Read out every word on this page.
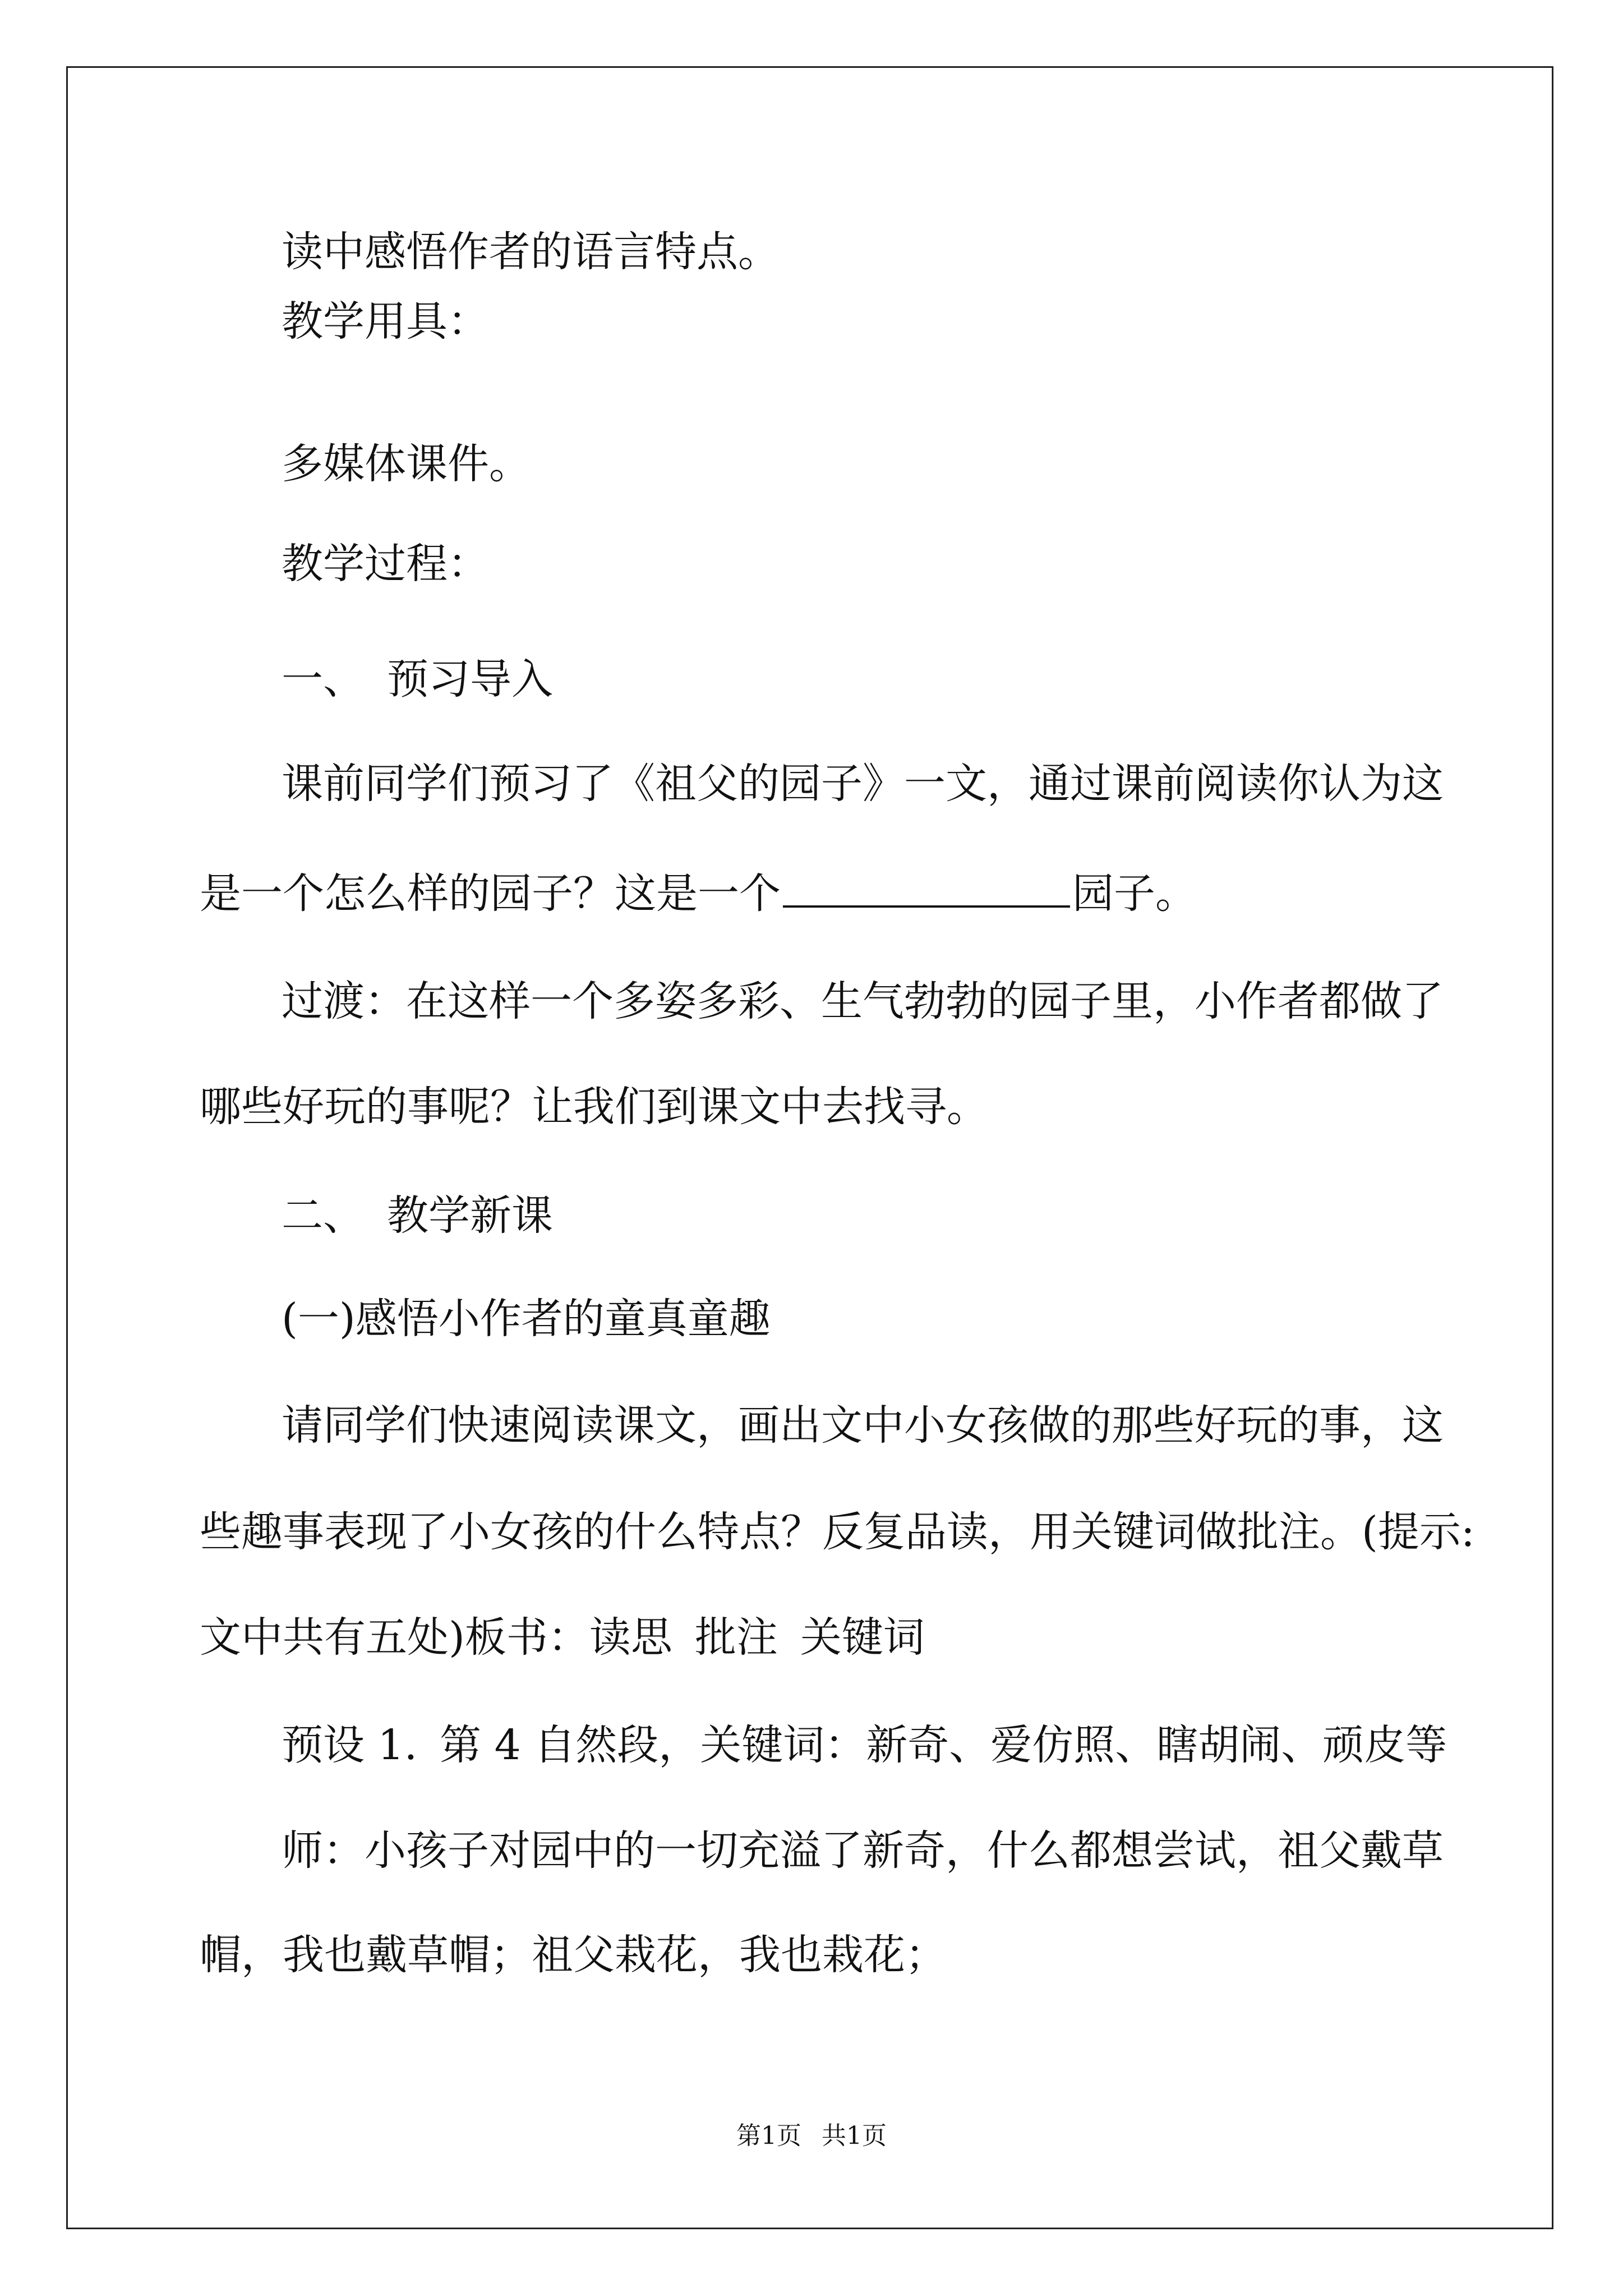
读中感悟作者的语言特点。
教学用具：
多媒体课件。
教学过程：
一、 预习导入
课前同学们预习了《祖父的园子》一文，通过课前阅读你认为这
是一个怎么样的园子？这是一个	园子。
过渡：在这样一个多姿多彩、生气勃勃的园子里，小作者都做了
哪些好玩的事呢？让我们到课文中去找寻。
二、 教学新课
(一)感悟小作者的童真童趣
请同学们快速阅读课文，画出文中小女孩做的那些好玩的事，这
些趣事表现了小女孩的什么特点？反复品读，用关键词做批注。(提示:
文中共有五处)板书：读思 批注 关键词
预设 1. 第 4 自然段，关键词：新奇、爱仿照、瞎胡闹、顽皮等
师：小孩子对园中的一切充溢了新奇，什么都想尝试，祖父戴草
帽，我也戴草帽；祖父栽花，我也栽花；
第1页 共1页
